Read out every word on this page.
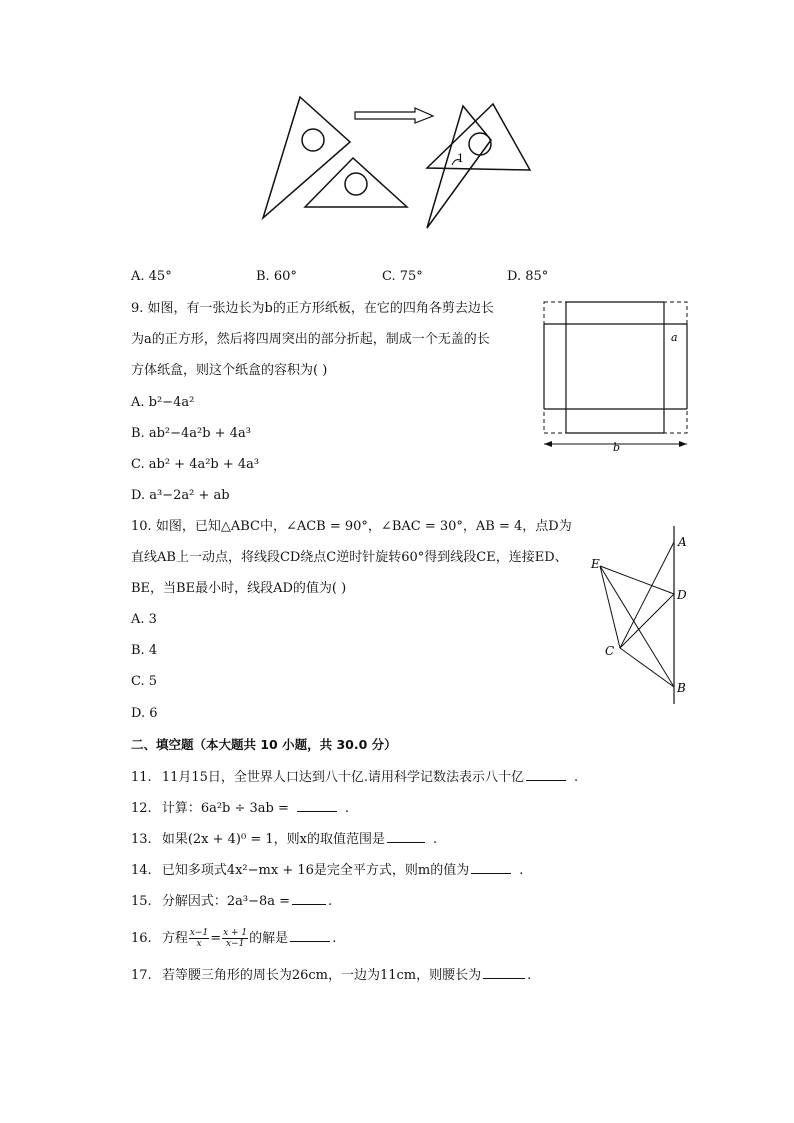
1
A. 45°	B. 60°	C. 75°	D. 85°
9. 如图，有一张边长为b的正方形纸板，在它的四角各剪去边长
为a的正方形，然后将四周突出的部分折起，制成一个无盖的长
方体纸盒，则这个纸盒的容积为( )
A. b²−4a²
B. ab²−4a²b + 4a³
C. ab² + 4a²b + 4a³
D. a³−2a² + ab
a
b
10. 如图，已知△ABC中，∠ACB = 90°，∠BAC = 30°，AB = 4，点D为
直线AB上一动点，将线段CD绕点C逆时针旋转60°得到线段CE，连接ED、
BE，当BE最小时，线段AD的值为( )
A. 3
B. 4
C. 5
D. 6
A
D
B
C
E
二、填空题（本大题共 10 小题，共 30.0 分）
11. 11月15日，全世界人口达到八十亿.请用科学记数法表示八十亿	.
12. 计算：6a²b ÷ 3ab =	.
13. 如果(2x + 4)⁰ = 1，则x的取值范围是	.
14. 已知多项式4x²−mx + 16是完全平方式，则m的值为	.
15. 分解因式：2a³−8a =	.
16. 方程 $\frac{x-1}{x} = \frac{x + 1}{x-1}$ 的解是	.
17. 若等腰三角形的周长为26cm，一边为11cm，则腰长为	.
